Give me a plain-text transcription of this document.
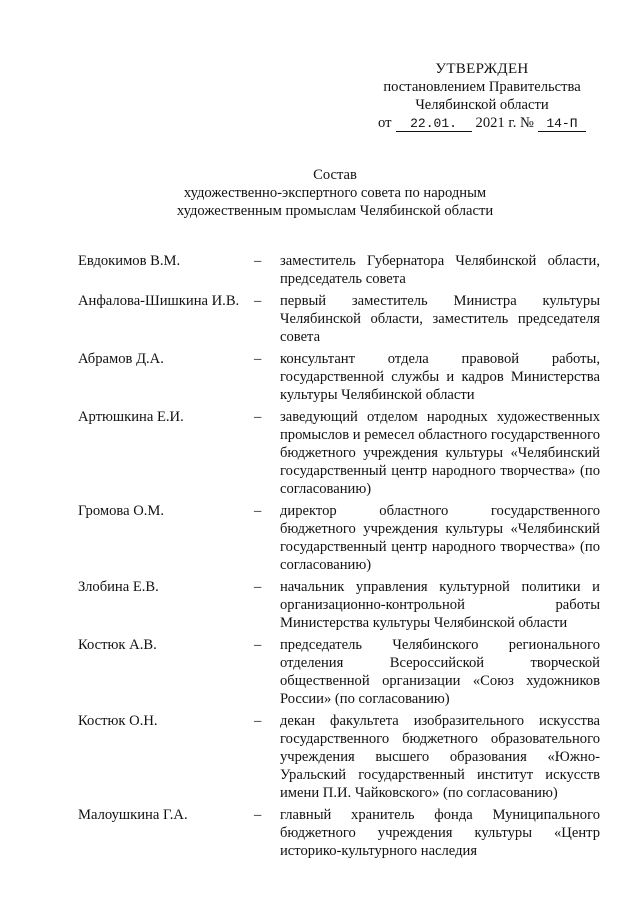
УТВЕРЖДЕН
постановлением Правительства
Челябинской области
от	22.01.	2021 г. № 14-П
Состав
художественно-экспертного совета по народным
художественным промыслам Челябинской области
Евдокимов В.М.	–	заместитель Губернатора Челябинской области, председатель совета
Анфалова-Шишкина И.В.	–	первый заместитель Министра культуры Челябинской области, заместитель председателя совета
Абрамов Д.А.	–	консультант отдела правовой работы, государственной службы и кадров Министерства культуры Челябинской области
Артюшкина Е.И.	–	заведующий отделом народных художественных промыслов и ремесел областного государственного бюджетного учреждения культуры «Челябинский государственный центр народного творчества» (по согласованию)
Громова О.М.	–	директор областного государственного бюджетного учреждения культуры «Челябинский государственный центр народного творчества» (по согласованию)
Злобина Е.В.	–	начальник управления культурной политики и организационно-контрольной работы Министерства культуры Челябинской области
Костюк А.В.	–	председатель Челябинского регионального отделения Всероссийской творческой общественной организации «Союз художников России» (по согласованию)
Костюк О.Н.	–	декан факультета изобразительного искусства государственного бюджетного образовательного учреждения высшего образования «Южно-Уральский государственный институт искусств имени П.И. Чайковского» (по согласованию)
Малоушкина Г.А.	–	главный хранитель фонда Муниципального бюджетного учреждения культуры «Центр историко-культурного наследия
